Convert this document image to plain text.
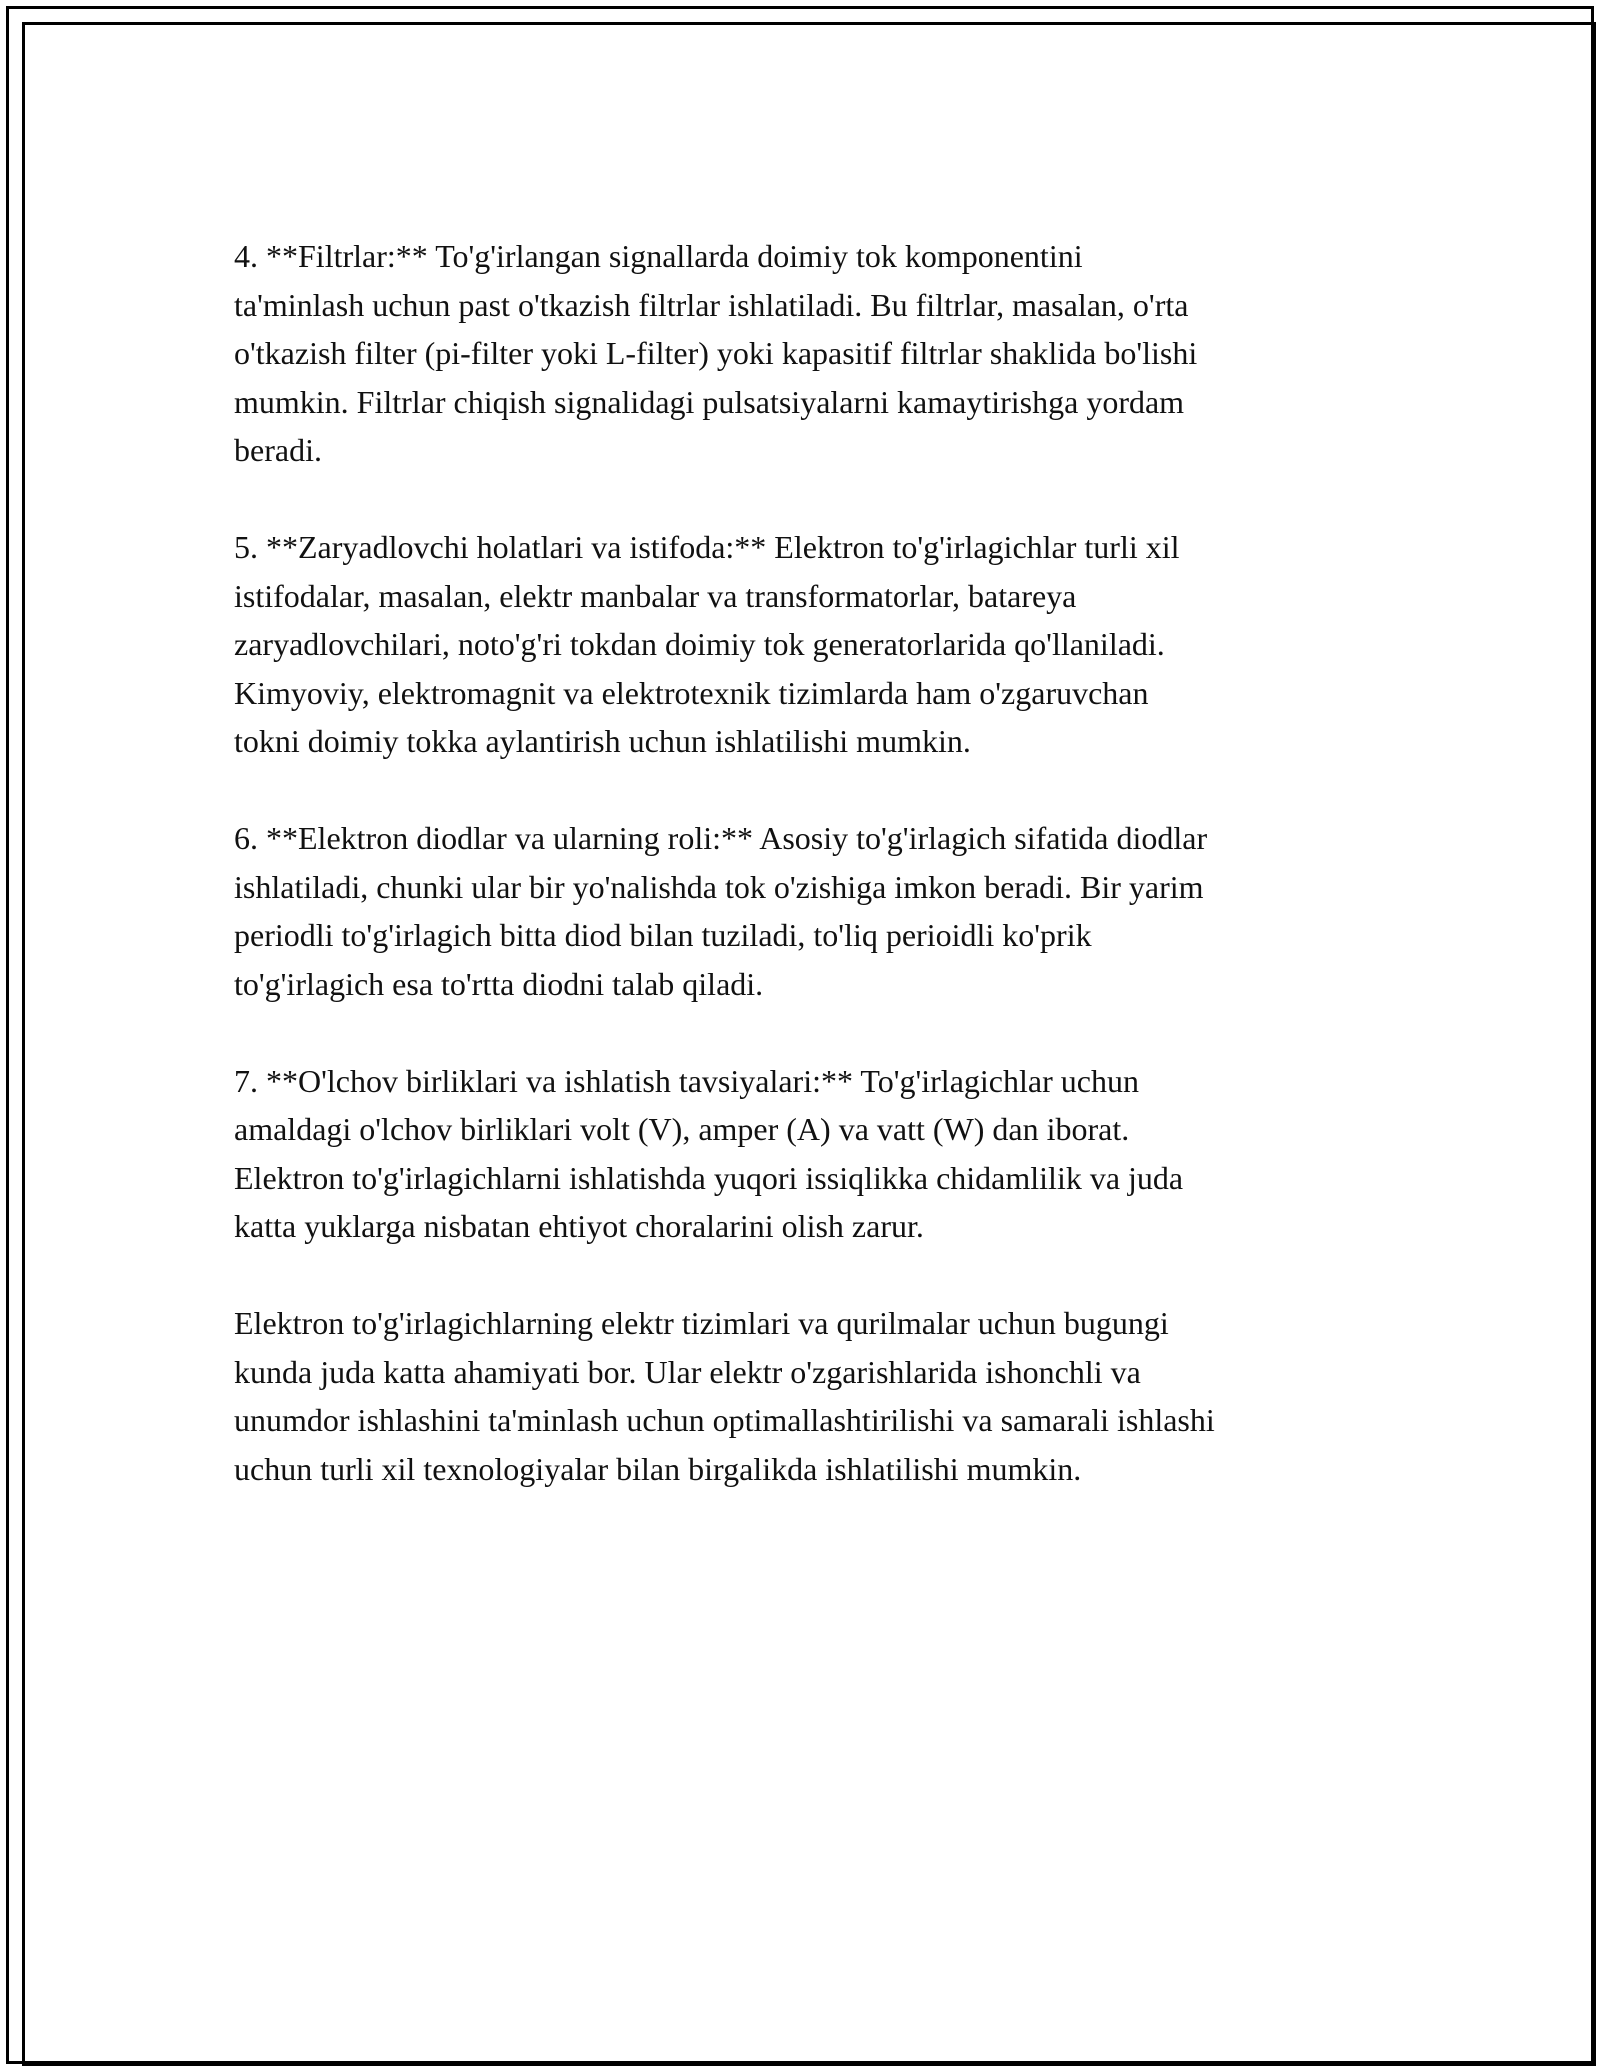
4. **Filtrlar:** To'g'irlangan signallarda doimiy tok komponentini
ta'minlash uchun past o'tkazish filtrlar ishlatiladi. Bu filtrlar, masalan, o'rta
o'tkazish filter (pi-filter yoki L-filter) yoki kapasitif filtrlar shaklida bo'lishi
mumkin. Filtrlar chiqish signalidagi pulsatsiyalarni kamaytirishga yordam
beradi.

5. **Zaryadlovchi holatlari va istifoda:** Elektron to'g'irlagichlar turli xil
istifodalar, masalan, elektr manbalar va transformatorlar, batareya
zaryadlovchilari, noto'g'ri tokdan doimiy tok generatorlarida qo'llaniladi.
Kimyoviy, elektromagnit va elektrotexnik tizimlarda ham o'zgaruvchan
tokni doimiy tokka aylantirish uchun ishlatilishi mumkin.

6. **Elektron diodlar va ularning roli:** Asosiy to'g'irlagich sifatida diodlar
ishlatiladi, chunki ular bir yo'nalishda tok o'zishiga imkon beradi. Bir yarim
periodli to'g'irlagich bitta diod bilan tuziladi, to'liq perioidli ko'prik
to'g'irlagich esa to'rtta diodni talab qiladi.

7. **O'lchov birliklari va ishlatish tavsiyalari:** To'g'irlagichlar uchun
amaldagi o'lchov birliklari volt (V), amper (A) va vatt (W) dan iborat.
Elektron to'g'irlagichlarni ishlatishda yuqori issiqlikka chidamlilik va juda
katta yuklarga nisbatan ehtiyot choralarini olish zarur.

Elektron to'g'irlagichlarning elektr tizimlari va qurilmalar uchun bugungi
kunda juda katta ahamiyati bor. Ular elektr o'zgarishlarida ishonchli va
unumdor ishlashini ta'minlash uchun optimallashtirilishi va samarali ishlashi
uchun turli xil texnologiyalar bilan birgalikda ishlatilishi mumkin.
